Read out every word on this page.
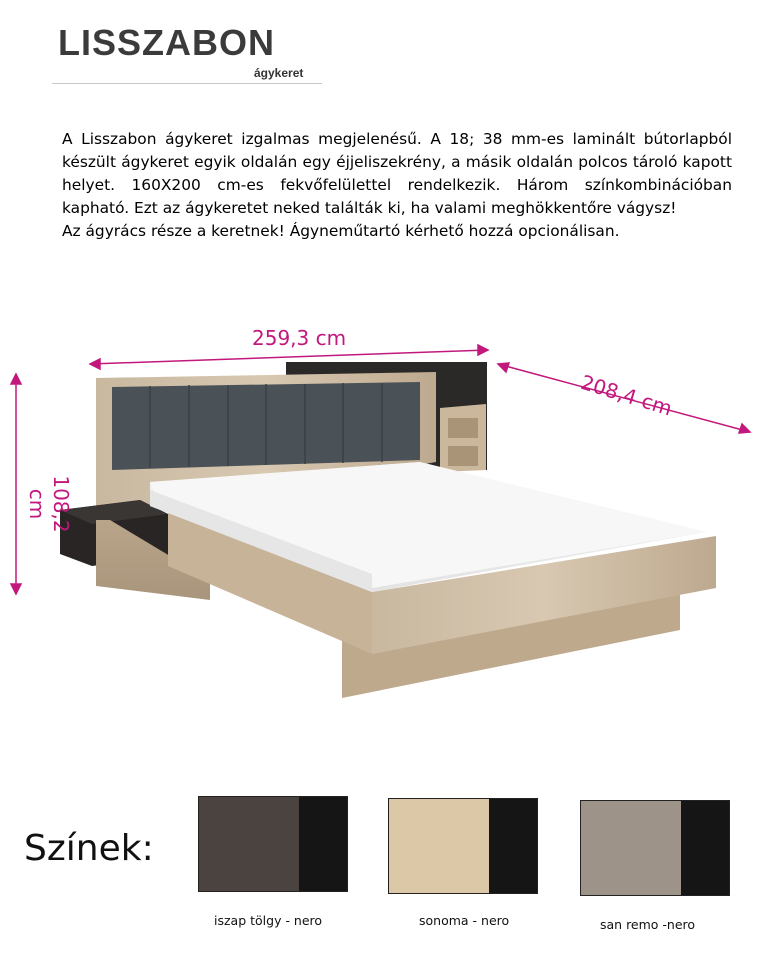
LISSZABON
ágykeret

A Lisszabon ágykeret izgalmas megjelenésű. A 18; 38 mm-es laminált bútorlapból készült ágykeret egyik oldalán egy éjjeliszekrény, a másik oldalán polcos tároló kapott helyet. 160X200 cm-es fekvőfelülettel rendelkezik. Három színkombinációban kapható. Ezt az ágykeretet neked találták ki, ha valami meghökkentőre vágysz!

Az ágyrács része a keretnek! Ágyneműtartó kérhető hozzá opcionálisan.

259,3 cm
208,4 cm
108,2 cm
Színek:
iszap tölgy - nero	sonoma - nero	san remo -nero
